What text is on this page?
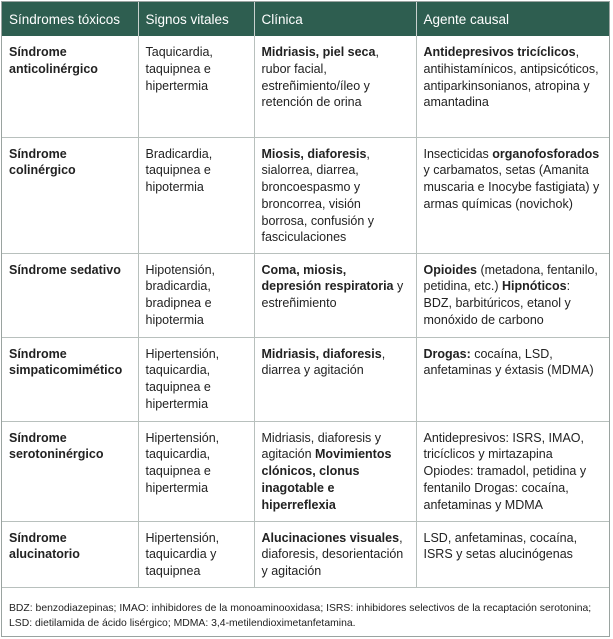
Síndromes tóxicos	Signos vitales	Clínica	Agente causal
Síndrome anticolinérgico	Taquicardia, taquipnea e hipertermia	Midriasis, piel seca, rubor facial, estreñimiento/íleo y retención de orina	Antidepresivos tricíclicos, antihistamínicos, antipsicóticos, antiparkinsonianos, atropina y amantadina
Síndrome colinérgico	Bradicardia, taquipnea e hipotermia	Miosis, diaforesis, sialorrea, diarrea, broncoespasmo y broncorrea, visión borrosa, confusión y fasciculaciones	Insecticidas organofosforados y carbamatos, setas (Amanita muscaria e Inocybe fastigiata) y armas químicas (novichok)
Síndrome sedativo	Hipotensión, bradicardia, bradipnea e hipotermia	Coma, miosis, depresión respiratoria y estreñimiento	Opioides (metadona, fentanilo, petidina, etc.) Hipnóticos: BDZ, barbitúricos, etanol y monóxido de carbono
Síndrome simpaticomimético	Hipertensión, taquicardia, taquipnea e hipertermia	Midriasis, diaforesis, diarrea y agitación	Drogas: cocaína, LSD, anfetaminas y éxtasis (MDMA)
Síndrome serotoninérgico	Hipertensión, taquicardia, taquipnea e hipertermia	Midriasis, diaforesis y agitación Movimientos clónicos, clonus inagotable e hiperreflexia	Antidepresivos: ISRS, IMAO, tricíclicos y mirtazapina Opiodes: tramadol, petidina y fentanilo Drogas: cocaína, anfetaminas y MDMA
Síndrome alucinatorio	Hipertensión, taquicardia y taquipnea	Alucinaciones visuales, diaforesis, desorientación y agitación	LSD, anfetaminas, cocaína, ISRS y setas alucinógenas
BDZ: benzodiazepinas; IMAO: inhibidores de la monoaminooxidasa; ISRS: inhibidores selectivos de la recaptación serotonina; LSD: dietilamida de ácido lisérgico; MDMA: 3,4-metilendioximetanfetamina.
